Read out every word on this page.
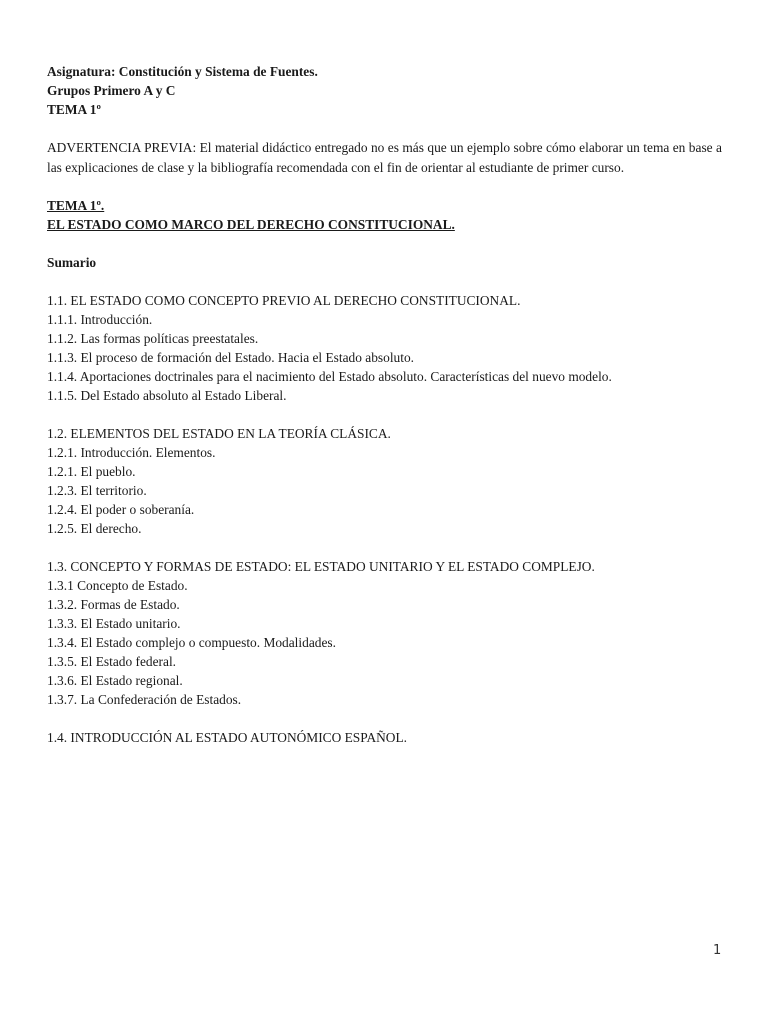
Asignatura: Constitución y Sistema de Fuentes.
Grupos Primero A y C
TEMA 1º
ADVERTENCIA PREVIA: El material didáctico entregado no es más que un ejemplo sobre cómo elaborar un tema en base a las explicaciones de clase y la bibliografía recomendada con el fin de orientar al estudiante de primer curso.
TEMA 1º.
EL ESTADO COMO MARCO DEL DERECHO CONSTITUCIONAL.
Sumario
1.1. EL ESTADO COMO CONCEPTO PREVIO AL DERECHO CONSTITUCIONAL.
1.1.1. Introducción.
1.1.2. Las formas políticas preestatales.
1.1.3. El proceso de formación del Estado. Hacia el Estado absoluto.
1.1.4. Aportaciones doctrinales para el nacimiento del Estado absoluto. Características del nuevo modelo.
1.1.5. Del Estado absoluto al Estado Liberal.
1.2. ELEMENTOS DEL ESTADO EN LA TEORÍA CLÁSICA.
1.2.1. Introducción. Elementos.
1.2.1. El pueblo.
1.2.3. El territorio.
1.2.4. El poder o soberanía.
1.2.5. El derecho.
1.3. CONCEPTO Y FORMAS DE ESTADO: EL ESTADO UNITARIO Y EL ESTADO COMPLEJO.
1.3.1 Concepto de Estado.
1.3.2. Formas de Estado.
1.3.3. El Estado unitario.
1.3.4. El Estado complejo o compuesto. Modalidades.
1.3.5. El Estado federal.
1.3.6. El Estado regional.
1.3.7. La Confederación de Estados.
1.4. INTRODUCCIÓN AL ESTADO AUTONÓMICO ESPAÑOL.
1
